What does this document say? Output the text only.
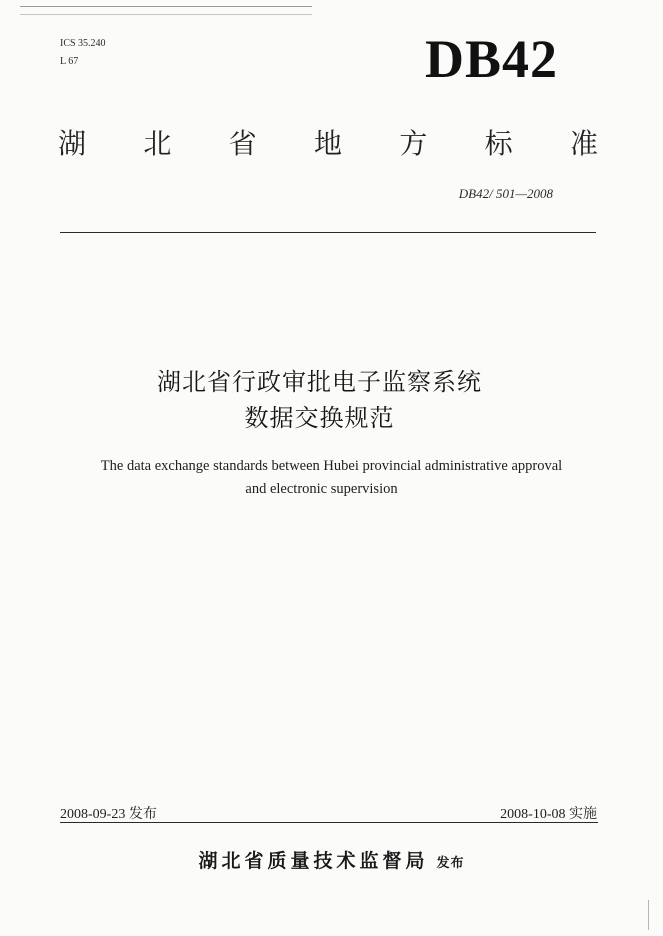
ICS 35.240
L 67	DB42
湖 北 省 地 方 标 准
DB42/ 501—2008
湖北省行政审批电子监察系统
数据交换规范
The data exchange standards between Hubei provincial administrative approval
and electronic supervision
2008-09-23 发布	2008-10-08 实施
湖北省质量技术监督局 发布
